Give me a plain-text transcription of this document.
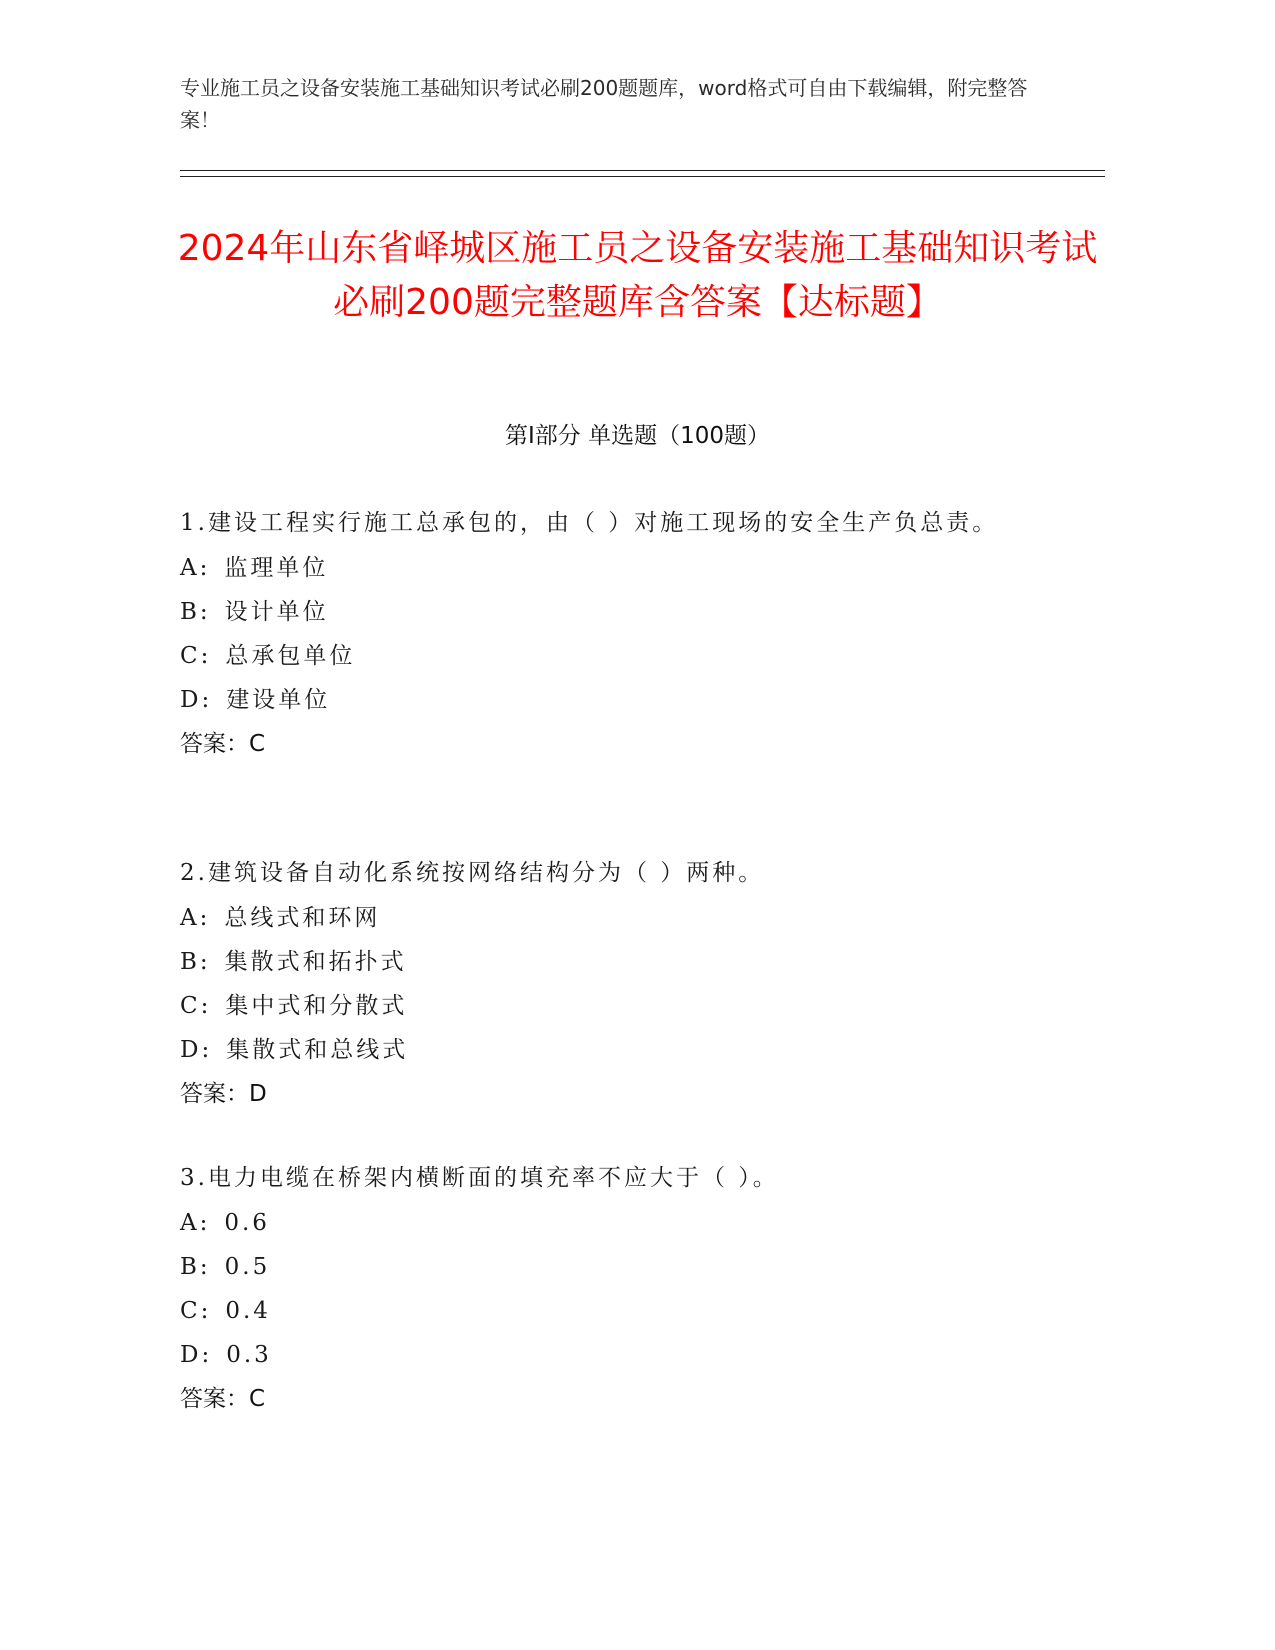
专业施工员之设备安装施工基础知识考试必刷200题题库，word格式可自由下载编辑，附完整答案！
2024年山东省峄城区施工员之设备安装施工基础知识考试必刷200题完整题库含答案【达标题】
第I部分 单选题（100题）
1.建设工程实行施工总承包的，由（ ）对施工现场的安全生产负总责。
A: 监理单位
B: 设计单位
C: 总承包单位
D: 建设单位
答案：C
2.建筑设备自动化系统按网络结构分为（ ）两种。
A: 总线式和环网
B: 集散式和拓扑式
C: 集中式和分散式
D: 集散式和总线式
答案：D
3.电力电缆在桥架内横断面的填充率不应大于（ ）。
A: 0.6
B: 0.5
C: 0.4
D: 0.3
答案：C
